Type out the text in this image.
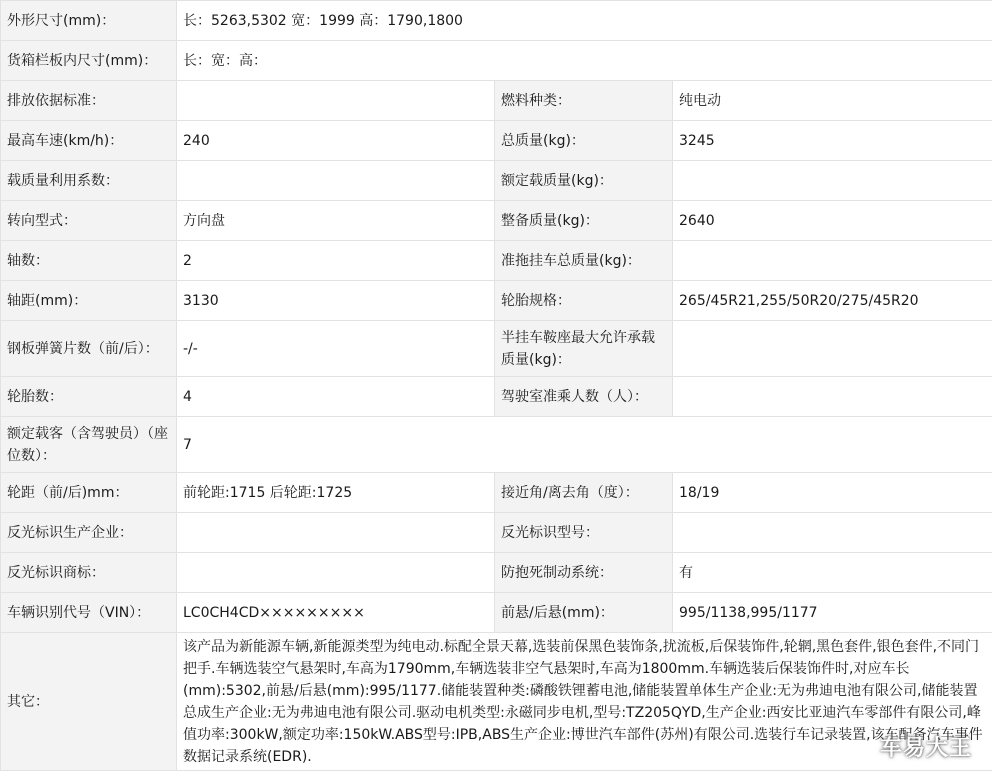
外形尺寸(mm)：	长：5263,5302 宽：1999 高：1790,1800		
货箱栏板内尺寸(mm)：	长：宽：高：		
排放依据标准：		燃料种类：	纯电动
最高车速(km/h)：	240	总质量(kg)：	3245
载质量利用系数：		额定载质量(kg)：	
转向型式：	方向盘	整备质量(kg)：	2640
轴数：	2	准拖挂车总质量(kg)：	
轴距(mm)：	3130	轮胎规格：	265/45R21,255/50R20/275/45R20
钢板弹簧片数（前/后）：	-/-	半挂车鞍座最大允许承载质量(kg)：	
轮胎数：	4	驾驶室准乘人数（人）：	
额定载客（含驾驶员）（座位数）：	7		
轮距（前/后)mm：	前轮距:1715 后轮距:1725	接近角/离去角（度）：	18/19
反光标识生产企业：		反光标识型号：	
反光标识商标：		防抱死制动系统：	有
车辆识别代号（VIN）：	LC0CH4CD×××××××××	前悬/后悬(mm)：	995/1138,995/1177
其它：	该产品为新能源车辆,新能源类型为纯电动.标配全景天幕,选装前保黑色装饰条,扰流板,后保装饰件,轮辋,黑色套件,银色套件,不同门把手.车辆选装空气悬架时,车高为1790mm,车辆选装非空气悬架时,车高为1800mm.车辆选装后保装饰件时,对应车长(mm):5302,前悬/后悬(mm):995/1177.储能装置种类:磷酸铁锂蓄电池,储能装置单体生产企业:无为弗迪电池有限公司,储能装置总成生产企业:无为弗迪电池有限公司.驱动电机类型:永磁同步电机,型号:TZ205QYD,生产企业:西安比亚迪汽车零部件有限公司,峰值功率:300kW,额定功率:150kW.ABS型号:IPB,ABS生产企业:博世汽车部件(苏州)有限公司.选装行车记录装置,该车配备汽车事件数据记录系统(EDR).			车易大王
